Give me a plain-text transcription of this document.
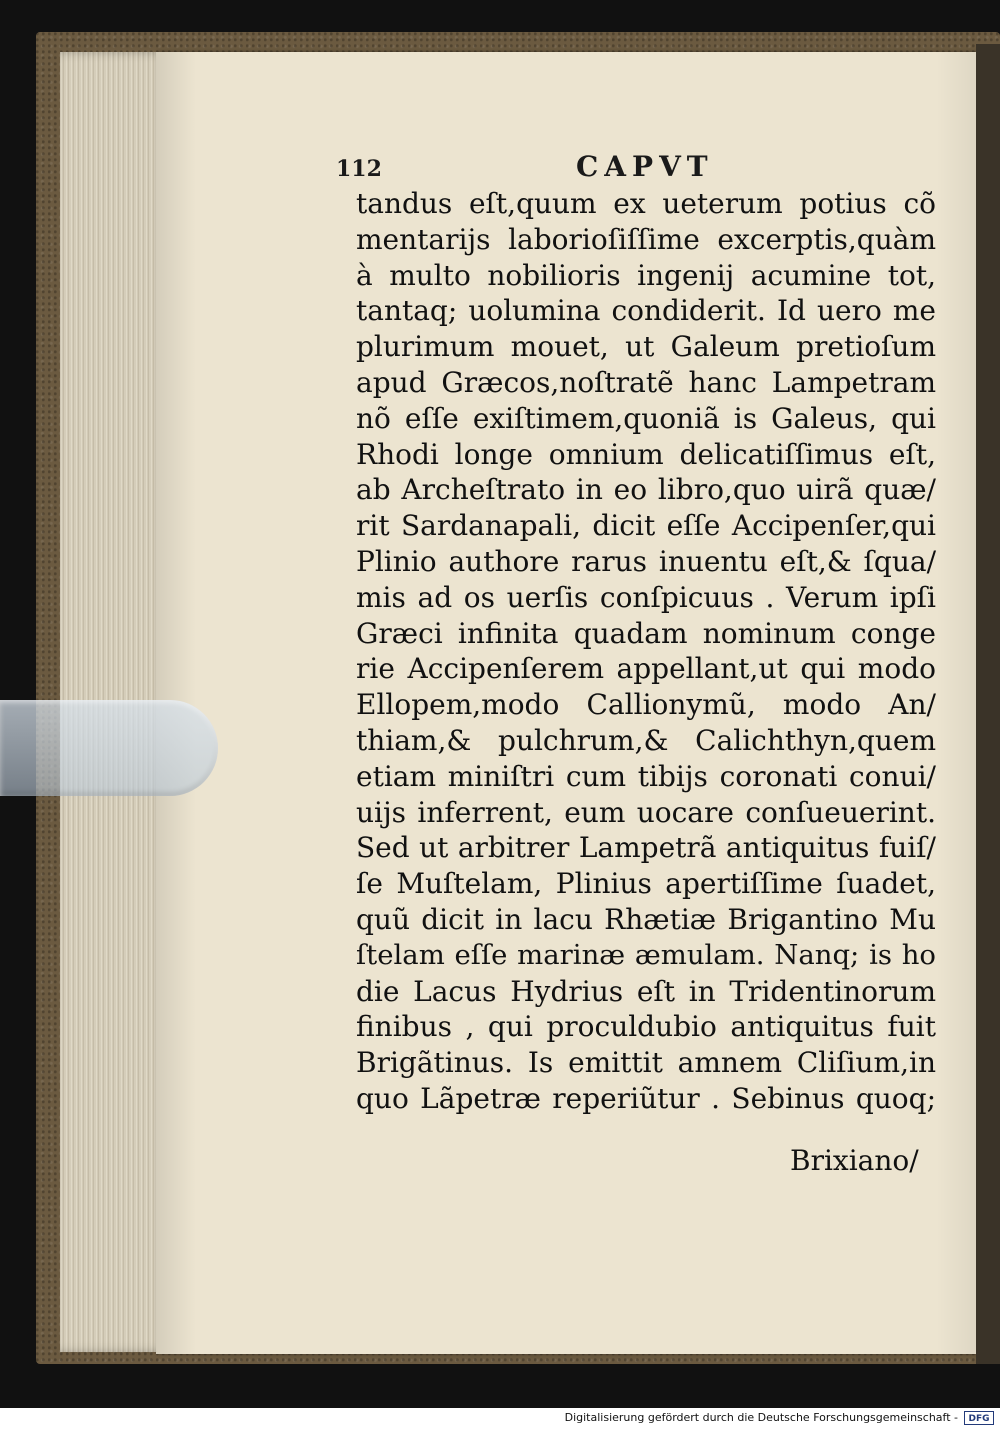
112	CAPVT
tandus eſt,quum ex ueterum potius cõ
mentarijs laborioſiſſime excerptis,quàm
à multo nobilioris ingenij acumine tot,
tantaq; uolumina condiderit. Id uero me
plurimum mouet, ut Galeum pretioſum
apud Græcos,noſtratẽ hanc Lampetram
nõ eſſe exiſtimem,quoniã is Galeus, qui
Rhodi longe omnium delicatiſſimus eſt,
ab Archeſtrato in eo libro,quo uirã quæ/
rit Sardanapali, dicit eſſe Accipenſer,qui
Plinio authore rarus inuentu eſt,& ſqua/
mis ad os uerſis conſpicuus . Verum ipſi
Græci infinita quadam nominum conge
rie Accipenſerem appellant,ut qui modo
Ellopem,modo Callionymũ, modo An/
thiam,& pulchrum,& Calichthyn,quem
etiam miniſtri cum tibijs coronati conui/
uijs inferrent, eum uocare conſueuerint.
Sed ut arbitrer Lampetrã antiquitus fuiſ/
ſe Muſtelam, Plinius apertiſſime ſuadet,
quũ dicit in lacu Rhætiæ Brigantino Mu
ſtelam eſſe marinæ æmulam. Nanq; is ho
die Lacus Hydrius eſt in Tridentinorum
finibus , qui proculdubio antiquitus fuit
Brigãtinus. Is emittit amnem Cliſium,in
quo Lãpetræ reperiũtur . Sebinus quoq;
Brixiano/
Digitalisierung gefördert durch die Deutsche Forschungsgemeinschaft -	DFG
